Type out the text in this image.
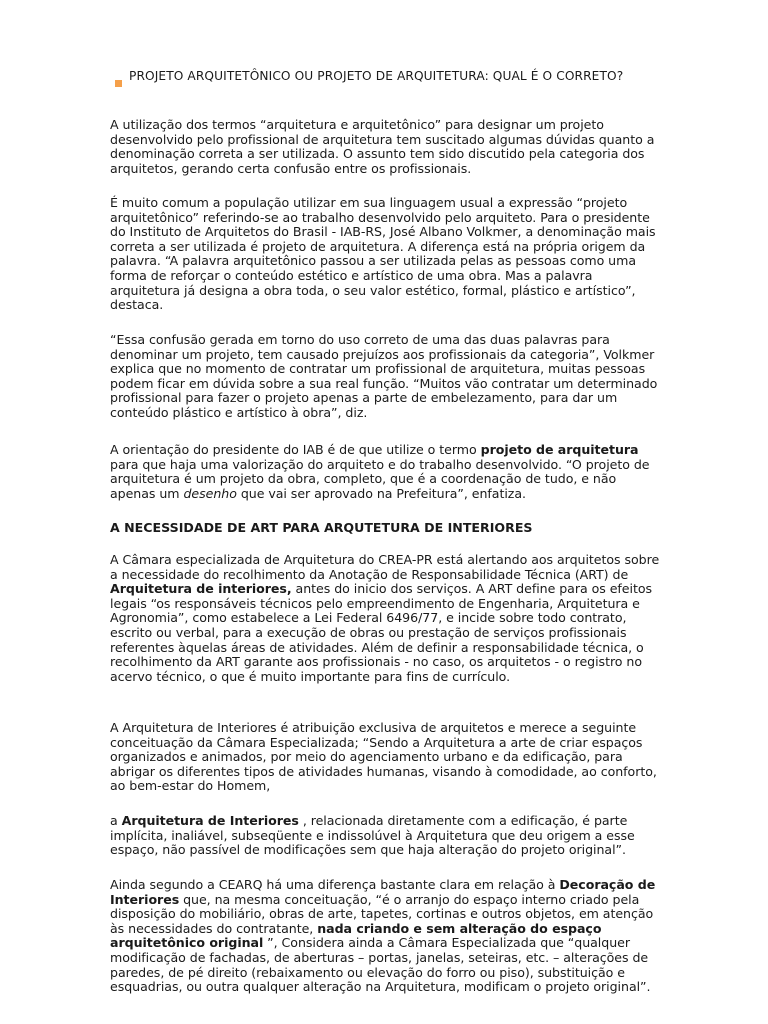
PROJETO ARQUITETÔNICO OU PROJETO DE ARQUITETURA: QUAL É O CORRETO?

A utilização dos termos “arquitetura e arquitetônico” para designar um projeto desenvolvido pelo profissional de arquitetura tem suscitado algumas dúvidas quanto a denominação correta a ser utilizada. O assunto tem sido discutido pela categoria dos arquitetos, gerando certa confusão entre os profissionais.

É muito comum a população utilizar em sua linguagem usual a expressão “projeto arquitetônico” referindo-se ao trabalho desenvolvido pelo arquiteto. Para o presidente do Instituto de Arquitetos do Brasil - IAB-RS, José Albano Volkmer, a denominação mais correta a ser utilizada é projeto de arquitetura. A diferença está na própria origem da palavra. “A palavra arquitetônico passou a ser utilizada pelas as pessoas como uma forma de reforçar o conteúdo estético e artístico de uma obra. Mas a palavra arquitetura já designa a obra toda, o seu valor estético, formal, plástico e artístico”, destaca.

“Essa confusão gerada em torno do uso correto de uma das duas palavras para denominar um projeto, tem causado prejuízos aos profissionais da categoria”, Volkmer explica que no momento de contratar um profissional de arquitetura, muitas pessoas podem ficar em dúvida sobre a sua real função. “Muitos vão contratar um determinado profissional para fazer o projeto apenas a parte de embelezamento, para dar um conteúdo plástico e artístico à obra”, diz.

A orientação do presidente do IAB é de que utilize o termo projeto de arquitetura para que haja uma valorização do arquiteto e do trabalho desenvolvido. “O projeto de arquitetura é um projeto da obra, completo, que é a coordenação de tudo, e não apenas um desenho que vai ser aprovado na Prefeitura”, enfatiza.

A NECESSIDADE DE ART PARA ARQUTETURA DE INTERIORES

A Câmara especializada de Arquitetura do CREA-PR está alertando aos arquitetos sobre a necessidade do recolhimento da Anotação de Responsabilidade Técnica (ART) de Arquitetura de interiores, antes do inicio dos serviços. A ART define para os efeitos legais “os responsáveis técnicos pelo empreendimento de Engenharia, Arquitetura e Agronomia”, como estabelece a Lei Federal 6496/77, e incide sobre todo contrato, escrito ou verbal, para a execução de obras ou prestação de serviços profissionais referentes àquelas áreas de atividades. Além de definir a responsabilidade técnica, o recolhimento da ART garante aos profissionais - no caso, os arquitetos - o registro no acervo técnico, o que é muito importante para fins de currículo.

A Arquitetura de Interiores é atribuição exclusiva de arquitetos e merece a seguinte conceituação da Câmara Especializada; “Sendo a Arquitetura a arte de criar espaços organizados e animados, por meio do agenciamento urbano e da edificação, para abrigar os diferentes tipos de atividades humanas, visando à comodidade, ao conforto, ao bem-estar do Homem,

a Arquitetura de Interiores , relacionada diretamente com a edificação, é parte implícita, inaliável, subseqüente e indissolúvel à Arquitetura que deu origem a esse espaço, não passível de modificações sem que haja alteração do projeto original”.

Ainda segundo a CEARQ há uma diferença bastante clara em relação à Decoração de Interiores que, na mesma conceituação, “é o arranjo do espaço interno criado pela disposição do mobiliário, obras de arte, tapetes, cortinas e outros objetos, em atenção às necessidades do contratante, nada criando e sem alteração do espaço arquitetônico original ”, Considera ainda a Câmara Especializada que “qualquer modificação de fachadas, de aberturas – portas, janelas, seteiras, etc. – alterações de paredes, de pé direito (rebaixamento ou elevação do forro ou piso), substituição e esquadrias, ou outra qualquer alteração na Arquitetura, modificam o projeto original”.
